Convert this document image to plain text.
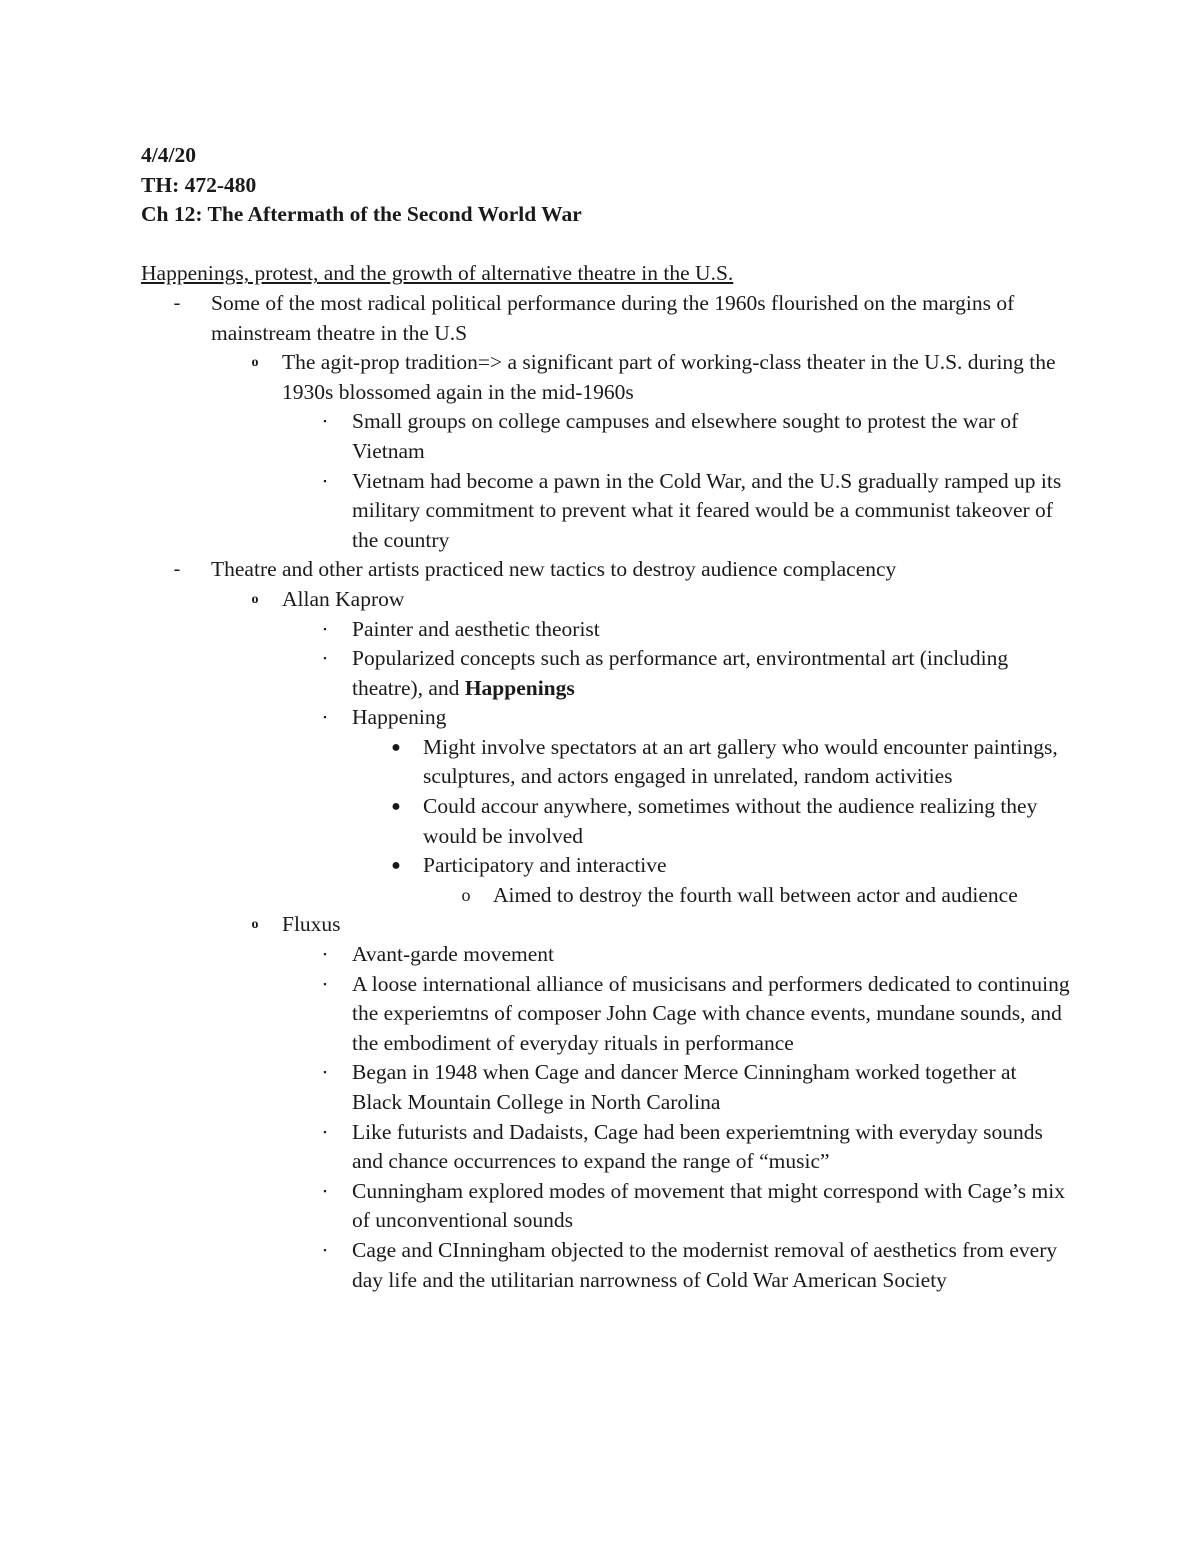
4/4/20
TH: 472-480
Ch 12: The Aftermath of the Second World War
Happenings, protest, and the growth of alternative theatre in the U.S.
-	Some of the most radical political performance during the 1960s flourished on the margins of mainstream theatre in the U.S
o	The agit-prop tradition=> a significant part of working-class theater in the U.S. during the 1930s blossomed again in the mid-1960s
▪	Small groups on college campuses and elsewhere sought to protest the war of Vietnam
▪	Vietnam had become a pawn in the Cold War, and the U.S gradually ramped up its military commitment to prevent what it feared would be a communist takeover of the country
-	Theatre and other artists practiced new tactics to destroy audience complacency
o	Allan Kaprow
▪	Painter and aesthetic theorist
▪	Popularized concepts such as performance art, environtmental art (including theatre), and Happenings
▪	Happening
● Might involve spectators at an art gallery who would encounter paintings, sculptures, and actors engaged in unrelated, random activities
● Could accour anywhere, sometimes without the audience realizing they would be involved
● Participatory and interactive
o Aimed to destroy the fourth wall between actor and audience
o	Fluxus
▪	Avant-garde movement
▪	A loose international alliance of musicisans and performers dedicated to continuing the experiemtns of composer John Cage with chance events, mundane sounds, and the embodiment of everyday rituals in performance
▪	Began in 1948 when Cage and dancer Merce Cinningham worked together at Black Mountain College in North Carolina
▪	Like futurists and Dadaists, Cage had been experiemtning with everyday sounds and chance occurrences to expand the range of “music”
▪	Cunningham explored modes of movement that might correspond with Cage’s mix of unconventional sounds
▪	Cage and CInningham objected to the modernist removal of aesthetics from every day life and the utilitarian narrowness of Cold War American Society
